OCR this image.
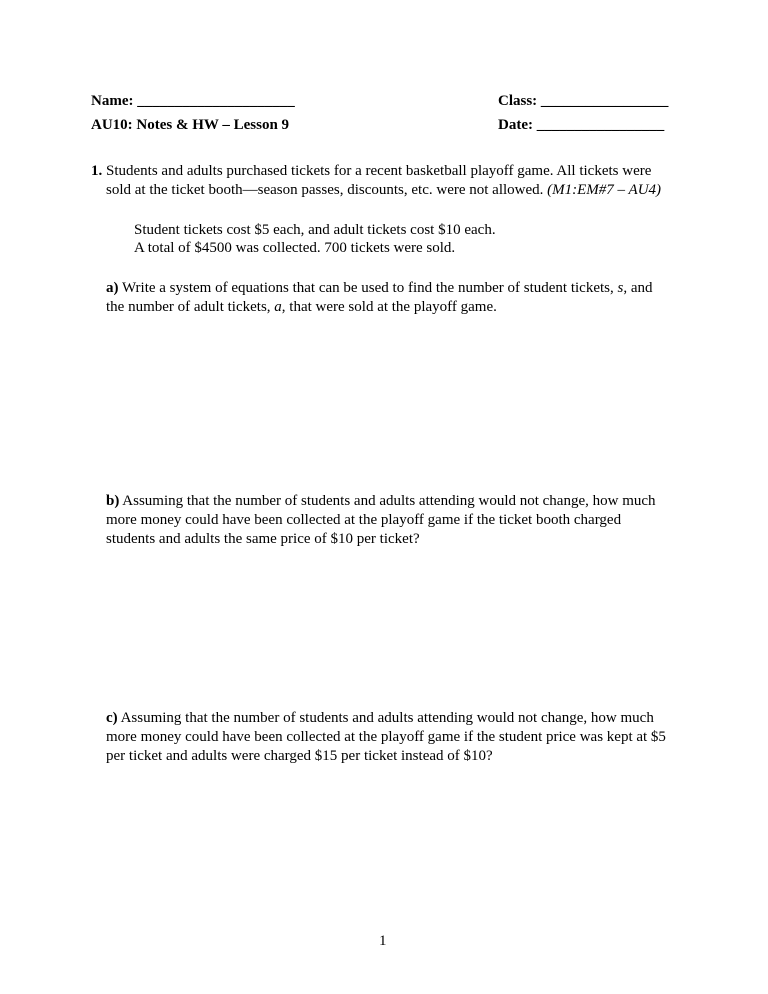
Name: _____________________	Class: _________________
AU10: Notes & HW – Lesson 9	Date: _________________
1. Students and adults purchased tickets for a recent basketball playoff game. All tickets were
sold at the ticket booth—season passes, discounts, etc. were not allowed. (M1:EM#7 – AU4)
Student tickets cost $5 each, and adult tickets cost $10 each.
A total of $4500 was collected. 700 tickets were sold.
a) Write a system of equations that can be used to find the number of student tickets, s, and
the number of adult tickets, a, that were sold at the playoff game.
b) Assuming that the number of students and adults attending would not change, how much
more money could have been collected at the playoff game if the ticket booth charged
students and adults the same price of $10 per ticket?
c) Assuming that the number of students and adults attending would not change, how much
more money could have been collected at the playoff game if the student price was kept at $5
per ticket and adults were charged $15 per ticket instead of $10?
1
